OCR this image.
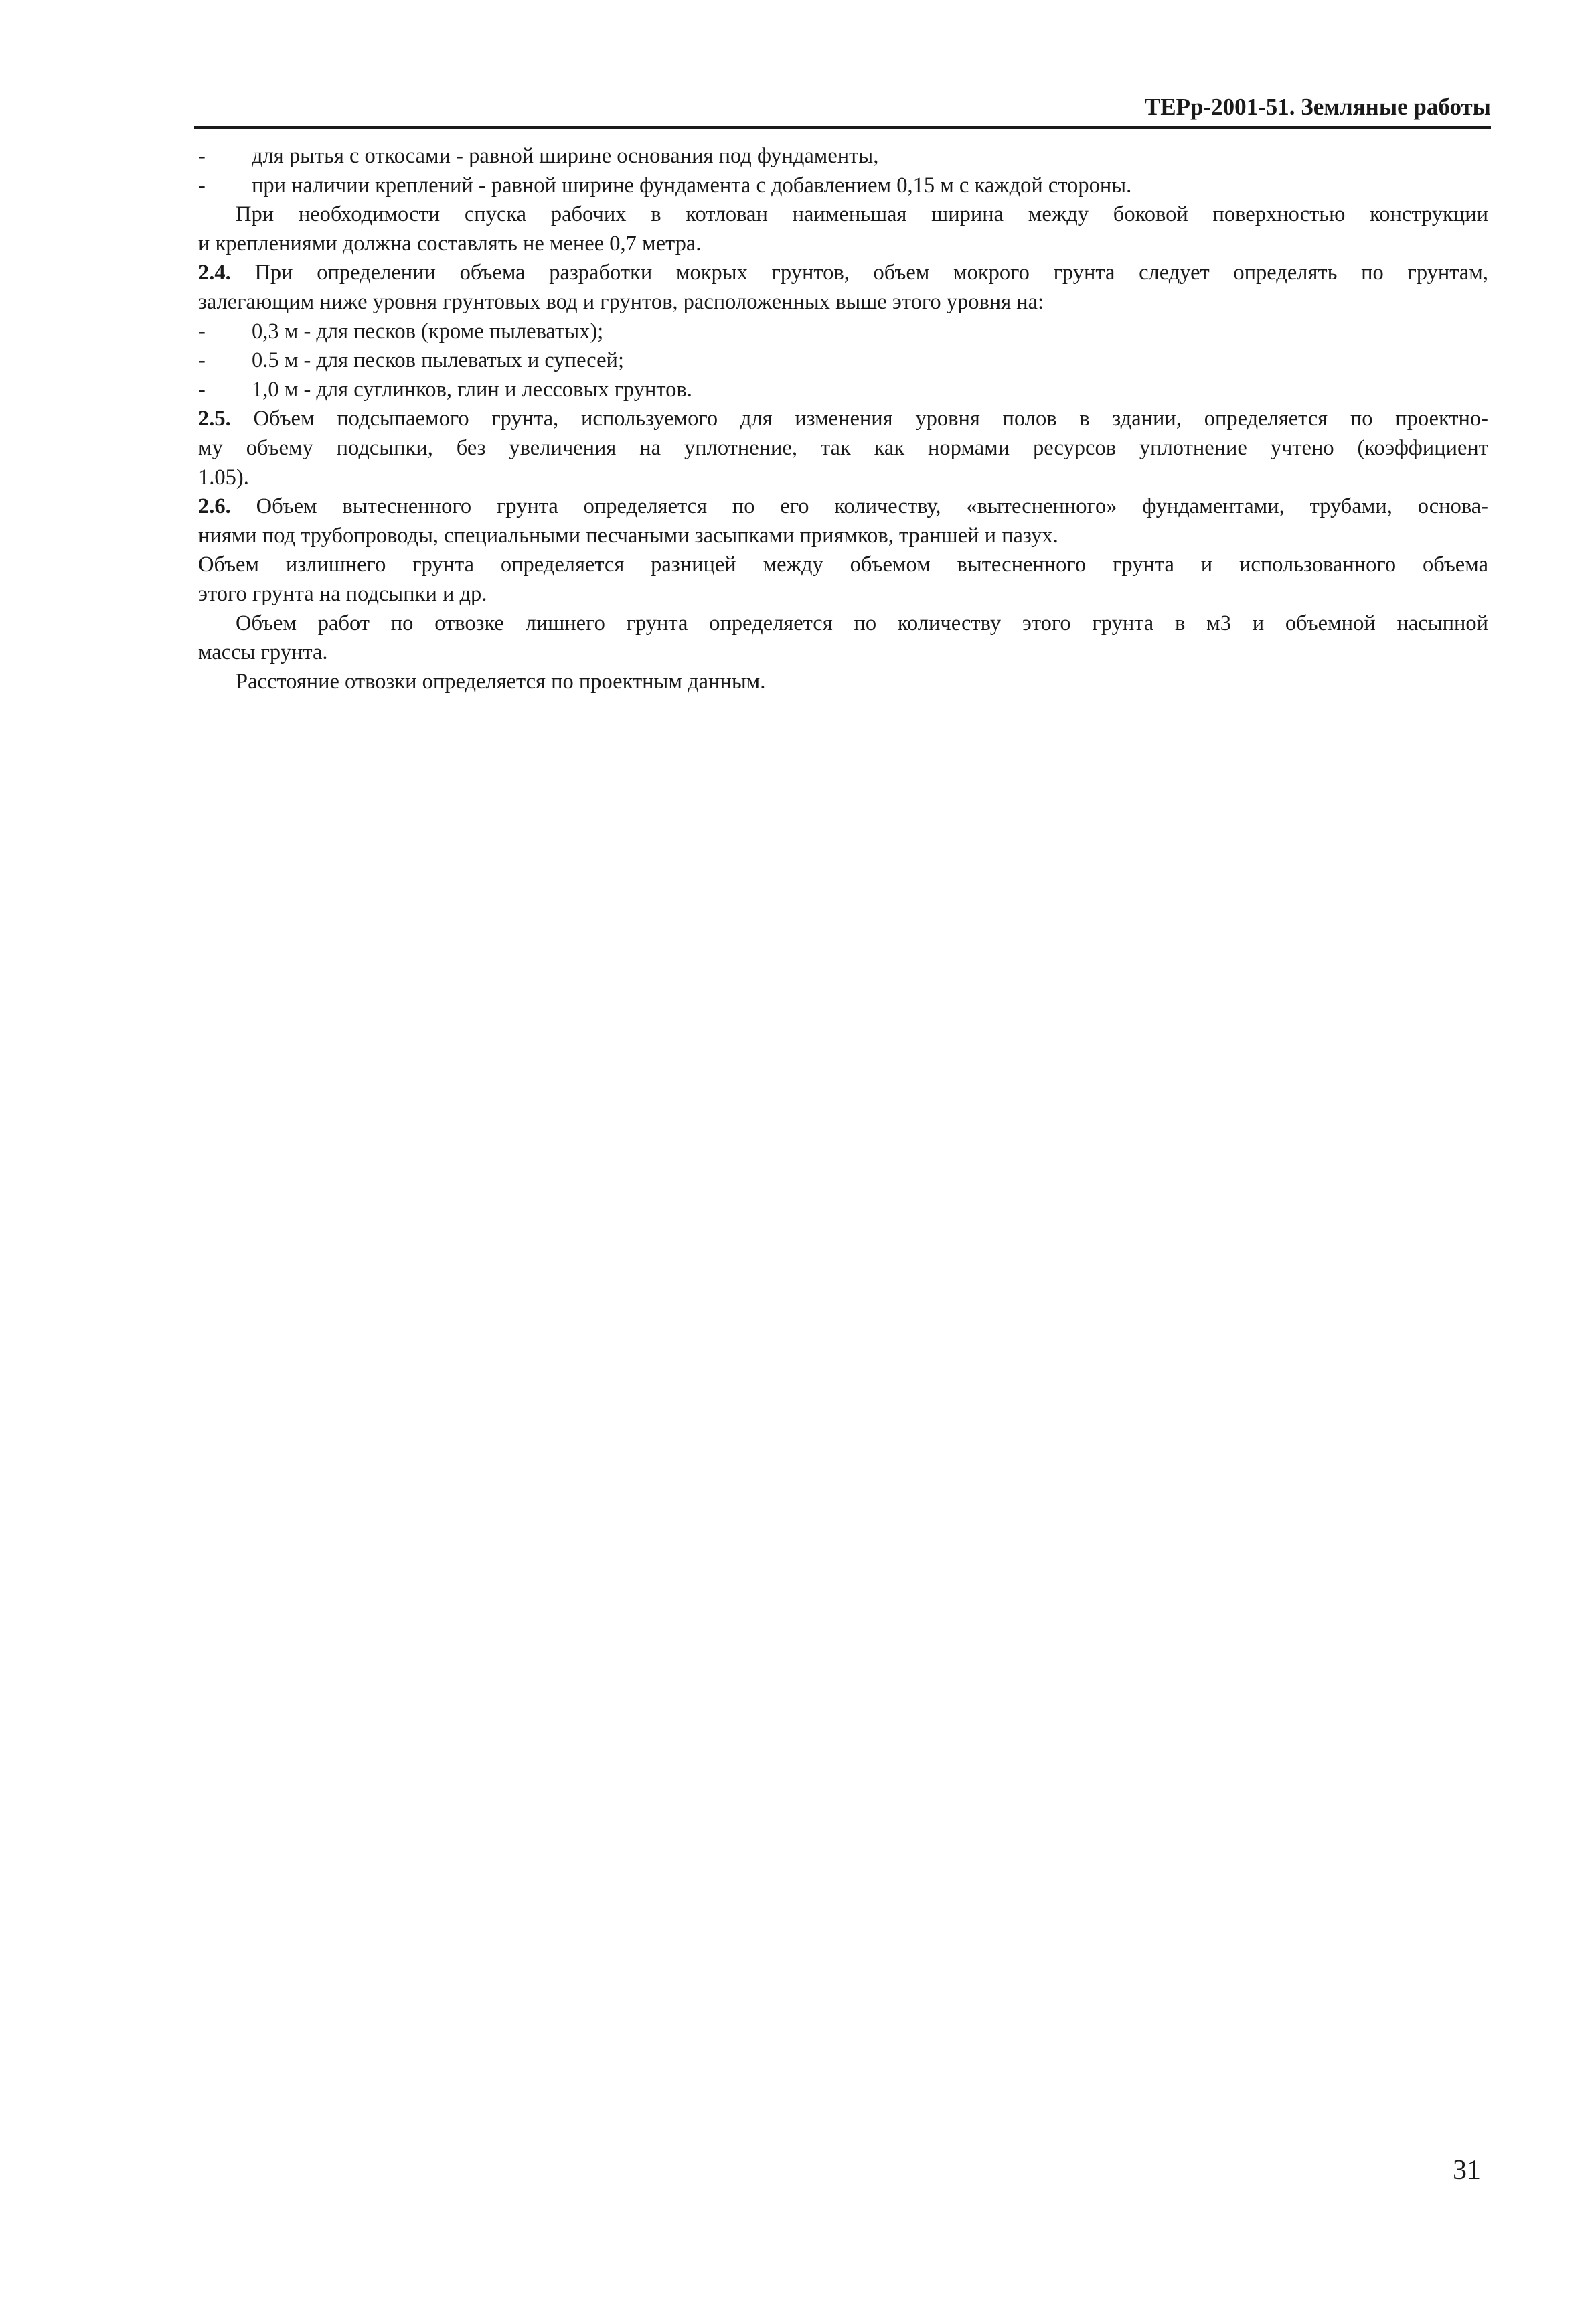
ТЕРр-2001-51. Земляные работы
- для рытья с откосами - равной ширине основания под фундаменты,
- при наличии креплений - равной ширине фундамента с добавлением 0,15 м с каждой стороны.
При необходимости спуска рабочих в котлован наименьшая ширина между боковой поверхностью конструкции
и креплениями должна составлять не менее 0,7 метра.
2.4. При определении объема разработки мокрых грунтов, объем мокрого грунта следует определять по грунтам,
залегающим ниже уровня грунтовых вод и грунтов, расположенных выше этого уровня на:
- 0,3 м - для песков (кроме пылеватых);
- 0.5 м - для песков пылеватых и супесей;
- 1,0 м - для суглинков, глин и лессовых грунтов.
2.5. Объем подсыпаемого грунта, используемого для изменения уровня полов в здании, определяется по проектно-
му объему подсыпки, без увеличения на уплотнение, так как нормами ресурсов уплотнение учтено (коэффициент
1.05).
2.6. Объем вытесненного грунта определяется по его количеству, «вытесненного» фундаментами, трубами, основа-
ниями под трубопроводы, специальными песчаными засыпками приямков, траншей и пазух.
Объем излишнего грунта определяется разницей между объемом вытесненного грунта и использованного объема
этого грунта на подсыпки и др.
Объем работ по отвозке лишнего грунта определяется по количеству этого грунта в м3 и объемной насыпной
массы грунта.
Расстояние отвозки определяется по проектным данным.
31
